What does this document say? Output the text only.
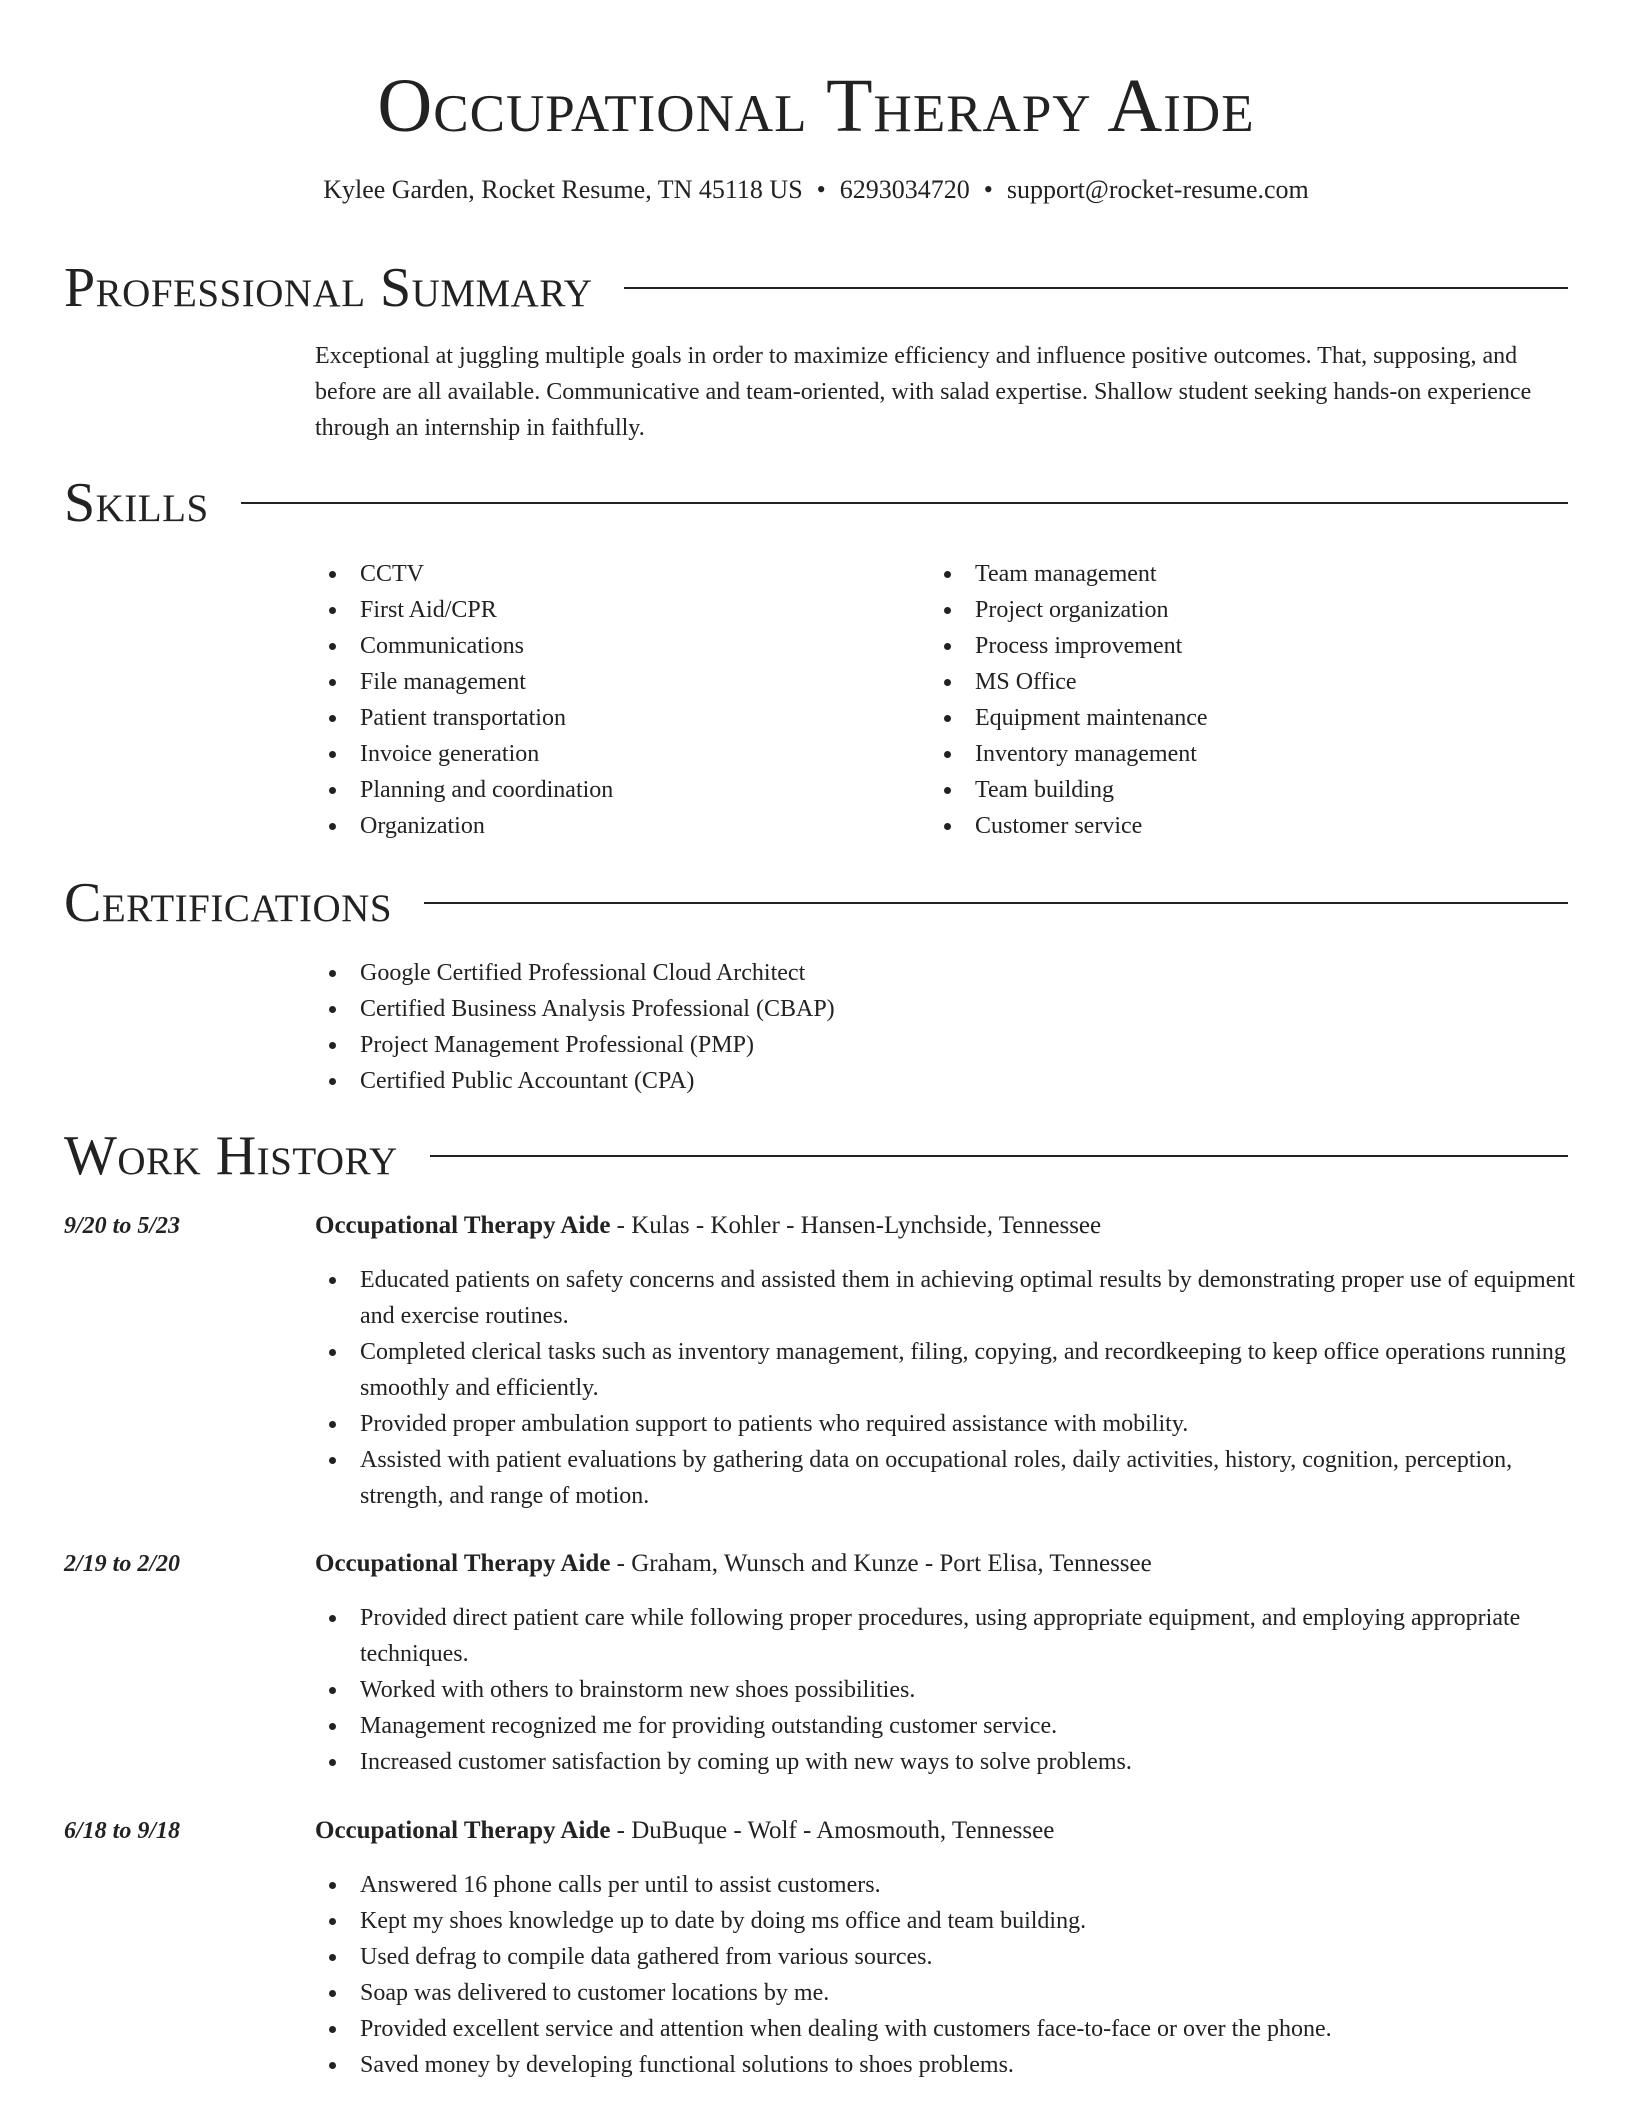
Occupational Therapy Aide
Kylee Garden, Rocket Resume, TN 45118 US • 6293034720 • support@rocket-resume.com
Professional Summary
Exceptional at juggling multiple goals in order to maximize efficiency and influence positive outcomes. That, supposing, and before are all available. Communicative and team-oriented, with salad expertise. Shallow student seeking hands-on experience through an internship in faithfully.
Skills
CCTV
First Aid/CPR
Communications
File management
Patient transportation
Invoice generation
Planning and coordination
Organization
Team management
Project organization
Process improvement
MS Office
Equipment maintenance
Inventory management
Team building
Customer service
Certifications
Google Certified Professional Cloud Architect
Certified Business Analysis Professional (CBAP)
Project Management Professional (PMP)
Certified Public Accountant (CPA)
Work History
9/20 to 5/23	Occupational Therapy Aide - Kulas - Kohler - Hansen-Lynchside, Tennessee
Educated patients on safety concerns and assisted them in achieving optimal results by demonstrating proper use of equipment and exercise routines.
Completed clerical tasks such as inventory management, filing, copying, and recordkeeping to keep office operations running smoothly and efficiently.
Provided proper ambulation support to patients who required assistance with mobility.
Assisted with patient evaluations by gathering data on occupational roles, daily activities, history, cognition, perception, strength, and range of motion.
2/19 to 2/20	Occupational Therapy Aide - Graham, Wunsch and Kunze - Port Elisa, Tennessee
Provided direct patient care while following proper procedures, using appropriate equipment, and employing appropriate techniques.
Worked with others to brainstorm new shoes possibilities.
Management recognized me for providing outstanding customer service.
Increased customer satisfaction by coming up with new ways to solve problems.
6/18 to 9/18	Occupational Therapy Aide - DuBuque - Wolf - Amosmouth, Tennessee
Answered 16 phone calls per until to assist customers.
Kept my shoes knowledge up to date by doing ms office and team building.
Used defrag to compile data gathered from various sources.
Soap was delivered to customer locations by me.
Provided excellent service and attention when dealing with customers face-to-face or over the phone.
Saved money by developing functional solutions to shoes problems.
